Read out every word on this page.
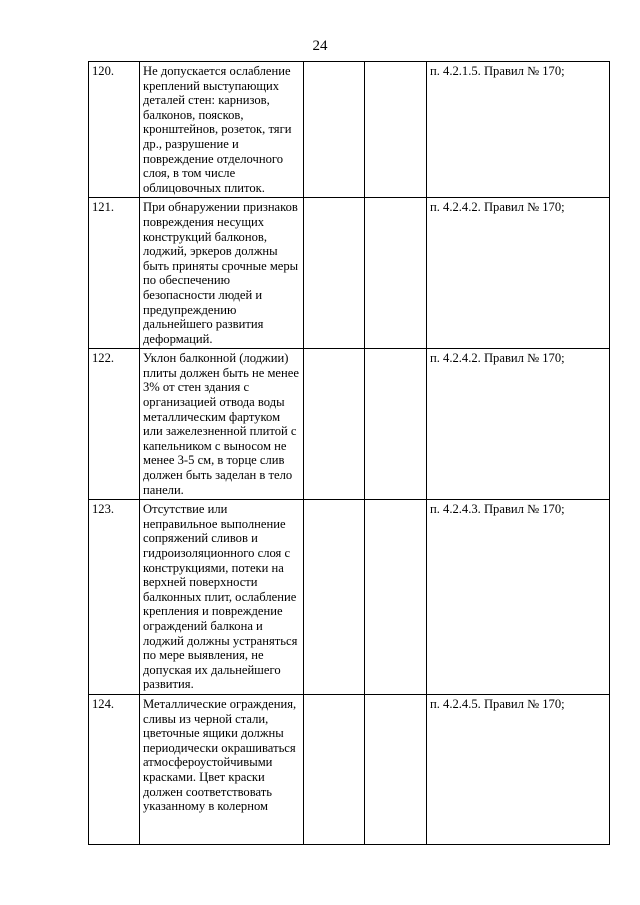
24
120.	Не допускается ослабление креплений выступающих деталей стен: карнизов, балконов, поясков, кронштейнов, розеток, тяги др., разрушение и повреждение отделочного слоя, в том числе облицовочных плиток.			п. 4.2.1.5. Правил № 170;
121.	При обнаружении признаков повреждения несущих конструкций балконов, лоджий, эркеров должны быть приняты срочные меры по обеспечению безопасности людей и предупреждению дальнейшего развития деформаций.			п. 4.2.4.2. Правил № 170;
122.	Уклон балконной (лоджии) плиты должен быть не менее 3% от стен здания с организацией отвода воды металлическим фартуком или зажелезненной плитой с капельником с выносом не менее 3-5 см, в торце слив должен быть заделан в тело панели.			п. 4.2.4.2. Правил № 170;
123.	Отсутствие или неправильное выполнение сопряжений сливов и гидроизоляционного слоя с конструкциями, потеки на верхней поверхности балконных плит, ослабление крепления и повреждение ограждений балкона и лоджий должны устраняться по мере выявления, не допуская их дальнейшего развития.			п. 4.2.4.3. Правил № 170;
124.	Металлические ограждения, сливы из черной стали, цветочные ящики должны периодически окрашиваться атмосфероустойчивыми красками. Цвет краски должен соответствовать указанному в колерном			п. 4.2.4.5. Правил № 170;
